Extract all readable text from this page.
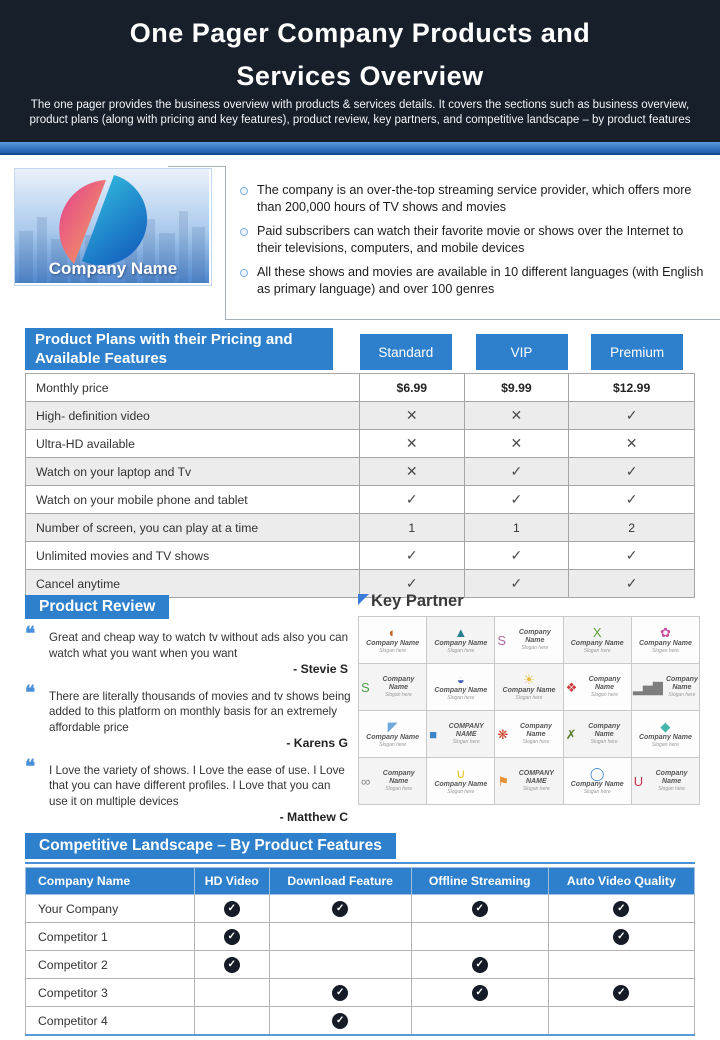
One Pager Company Products and
Services Overview
The one pager provides the business overview with products & services details. It covers the sections such as business overview,
product plans (along with pricing and key features), product review, key partners, and competitive landscape – by product features
Company Name
The company is an over-the-top streaming service provider, which offers more than 200,000 hours of TV shows and movies
Paid subscribers can watch their favorite movie or shows over the Internet to their televisions, computers, and mobile devices
All these shows and movies are available in 10 different languages (with English as primary language) and over 100 genres
Product Plans with their Pricing and Available Features	Standard	VIP	Premium
Monthly price	$6.99	$9.99	$12.99
High- definition video	✕	✕	✓
Ultra-HD available	✕	✕	✕
Watch on your laptop and Tv	✕	✓	✓
Watch on your mobile phone and tablet	✓	✓	✓
Number of screen, you can play at a time	1	1	2
Unlimited movies and TV shows	✓	✓	✓
Cancel anytime	✓	✓	✓
Product Review
❝ Great and cheap way to watch tv without ads also you can watch what you want when you want
- Stevie S
❝ There are literally thousands of movies and tv shows being added to this platform on monthly basis for an extremely affordable price
- Karens G
❝ I Love the variety of shows. I Love the ease of use. I Love that you can have different profiles. I Love that you can use it on multiple devices
- Matthew C
Key Partner
◐
Company Name
Slogan here
▲
Company Name
Slogan here
S	Company Name
Slogan here
X
Company Name
Slogan here
✿
Company Name
Slogan here
S	Company Name
Slogan here
◒
Company Name
Slogan here
☀
Company Name
Slogan here
❖	Company Name
Slogan here
▂▅▇ Company Name
Slogan here
◤
Company Name
Slogan here
■	COMPANY NAME
Slogan here
❋	Company Name
Slogan here
✗	Company Name
Slogan here
◆
Company Name
Slogan here
∞	Company Name
Slogan here
∪
Company Name
Slogan here
⚑	COMPANY NAME
Slogan here
◯
Company Name
Slogan here
U	Company Name
Slogan here
Competitive Landscape – By Product Features
Company Name	HD Video	Download Feature	Offline Streaming	Auto Video Quality
Your Company	✓	✓	✓	✓
Competitor 1	✓			✓
Competitor 2	✓		✓	
Competitor 3		✓	✓	✓
Competitor 4		✓		
